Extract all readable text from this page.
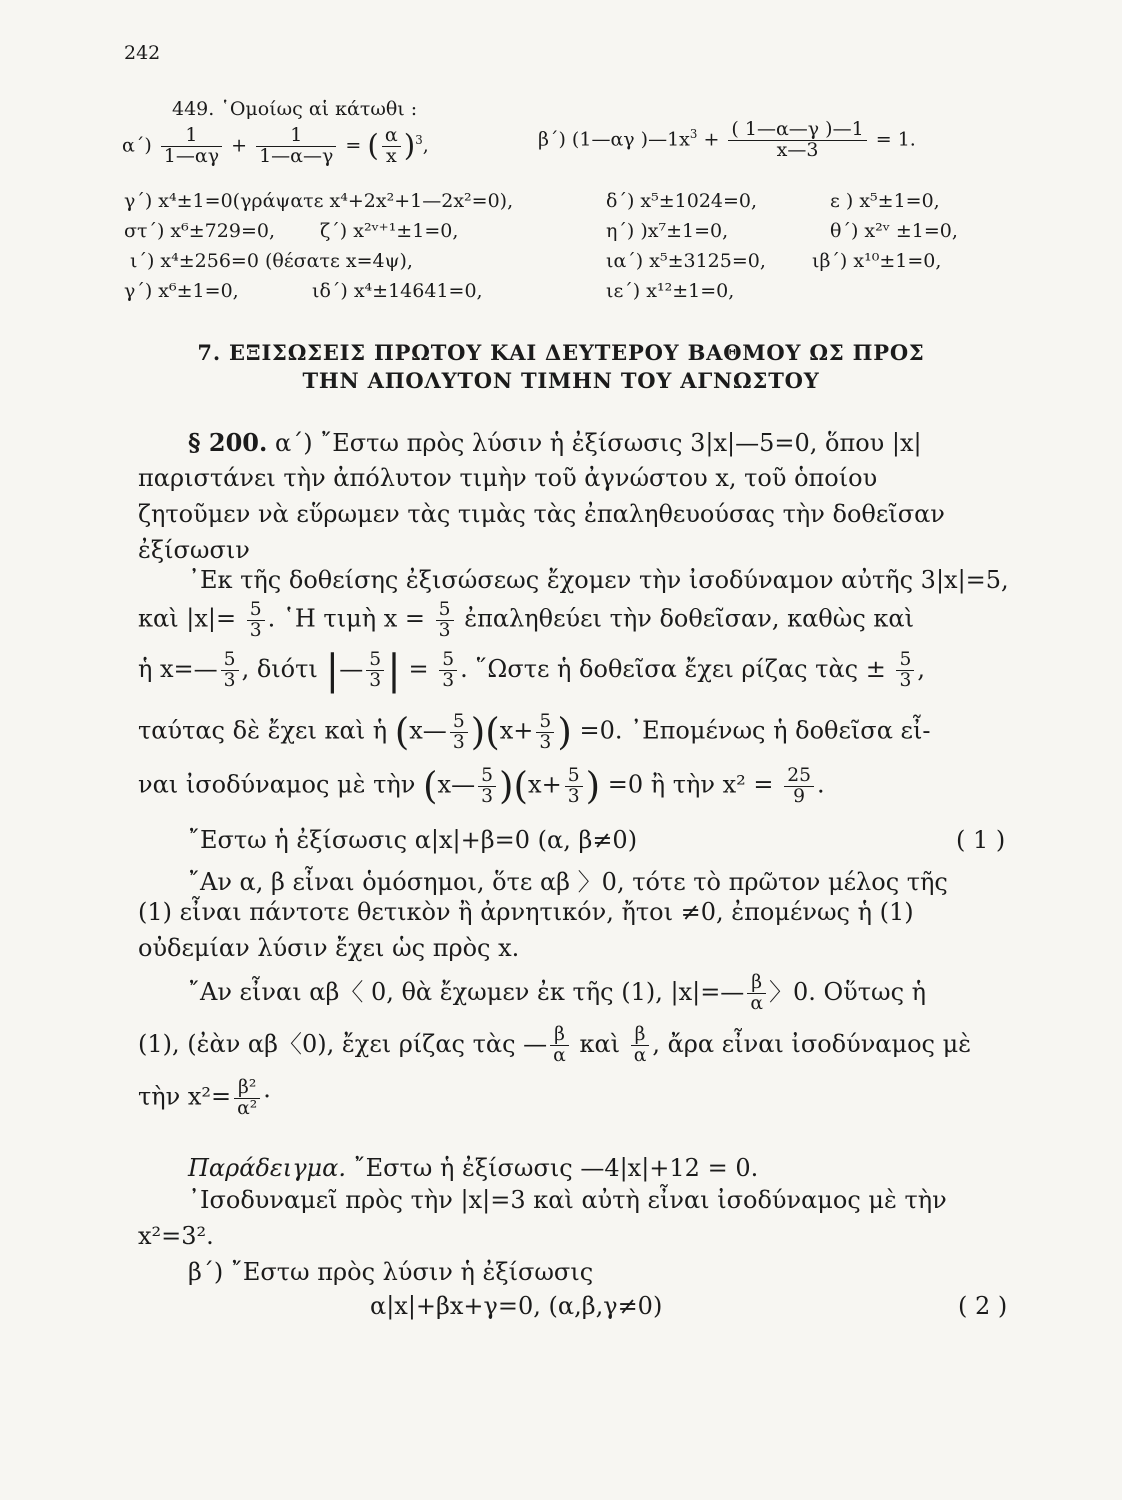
242
449. ῾Ομοίως αἱ κάτωθι :
$\alpha΄) \frac{1}{1—\alpha\gamma} + \frac{1}{1—\alpha—\gamma}$ = ( $\frac{\alpha}{x} )^3$,	β΄) (1—αγ )$—1x^3 + \frac{( 1—\alpha—\gamma )—1}{x—3} = 1$.
γ΄) x⁴±1=0(γράψατε x⁴+2x²+1—2x²=0),	δ΄) x⁵±1024=0,	ε ) x⁵±1=0,
στ΄) x⁶±729=0, ζ΄) x²ᵛ⁺¹±1=0,	η΄) )x⁷±1=0,	θ΄) x²ᵛ ±1=0,
ι΄) x⁴±256=0 (θέσατε x=4ψ),	ια΄) x⁵±3125=0, ιβ΄) x¹⁰±1=0,
γ΄) x⁶±1=0,	ιδ΄) x⁴±14641=0,	ιε΄) x¹²±1=0,
7. ΕΞΙΣΩΣΕΙΣ ΠΡΩΤΟΥ ΚΑΙ ΔΕΥΤΕΡΟΥ ΒΑΘΜΟΥ ΩΣ ΠΡΟΣ
ΤΗΝ ΑΠΟΛΥΤΟΝ ΤΙΜΗΝ ΤΟΥ ΑΓΝΩΣΤΟΥ
§ 200. α΄) ῎Εστω πρὸς λύσιν ἡ ἐξίσωσις 3|x|—5=0, ὅπου |x|
παριστάνει τὴν ἀπόλυτον τιμὴν τοῦ ἀγνώστου x, τοῦ ὁποίου
ζητοῦμεν νὰ εὕρωμεν τὰς τιμὰς τὰς ἐπαληθευούσας τὴν δοθεῖσαν
ἐξίσωσιν
᾿Εκ τῆς δοθείσης ἐξισώσεως ἔχομεν τὴν ἰσοδύναμον αὐτῆς 3|x|=5,
καὶ $|x|= \frac{5}{3}$ . ῾Η τιμὴ $x = \frac{5}{3}$ ἐπαληθεύει τὴν δοθεῖσαν, καθὼς καὶ
ἡ x=— $\frac{5}{3}$ , διότι |— $\frac{5}{3}$ | = $\frac{5}{3}$ . ῞Ωστε ἡ δοθεῖσα ἔχει ρίζας τὰς ± $\frac{5}{3}$ ,
ταύτας δὲ ἔχει καὶ ἡ (x— $\frac{5}{3} )(x+ \frac{5}{3}$ ) =0. ᾿Επομένως ἡ δοθεῖσα εἶ-
ναι ἰσοδύναμος μὲ τὴν (x— $\frac{5}{3} )(x+ \frac{5}{3}$ ) =0 ἢ τὴν $x^2 = \frac{25}{9}$ .
῎Εστω ἡ ἐξίσωσις α|x|+β=0 (α, β≠0)	( 1 )
῎Αν α, β εἶναι ὁμόσημοι, ὅτε αβ 〉0, τότε τὸ πρῶτον μέλος τῆς
(1) εἶναι πάντοτε θετικὸν ἢ ἀρνητικόν, ἤτοι ≠0, ἐπομένως ἡ (1)
οὐδεμίαν λύσιν ἔχει ὡς πρὸς x.
῎Αν εἶναι αβ〈 0, θὰ ἔχωμεν ἐκ τῆς (1), |x|=— $\frac{\beta}{\alpha}$ 〉0. Οὕτως ἡ
(1), (ἐὰν αβ〈0), ἔχει ρίζας τὰς — $\frac{\beta}{\alpha}$ καὶ $\frac{\beta}{\alpha}$ , ἄρα εἶναι ἰσοδύναμος μὲ
τὴν $x^2= \frac{\text{β²}}{\text{α²}}$ ·
Παράδειγμα. ῎Εστω ἡ ἐξίσωσις —4|x|+12 = 0.
᾿Ισοδυναμεῖ πρὸς τὴν |x|=3 καὶ αὐτὴ εἶναι ἰσοδύναμος μὲ τὴν
x²=3².
β΄) ῎Εστω πρὸς λύσιν ἡ ἐξίσωσις
α|x|+βx+γ=0, (α,β,γ≠0)	( 2 )
